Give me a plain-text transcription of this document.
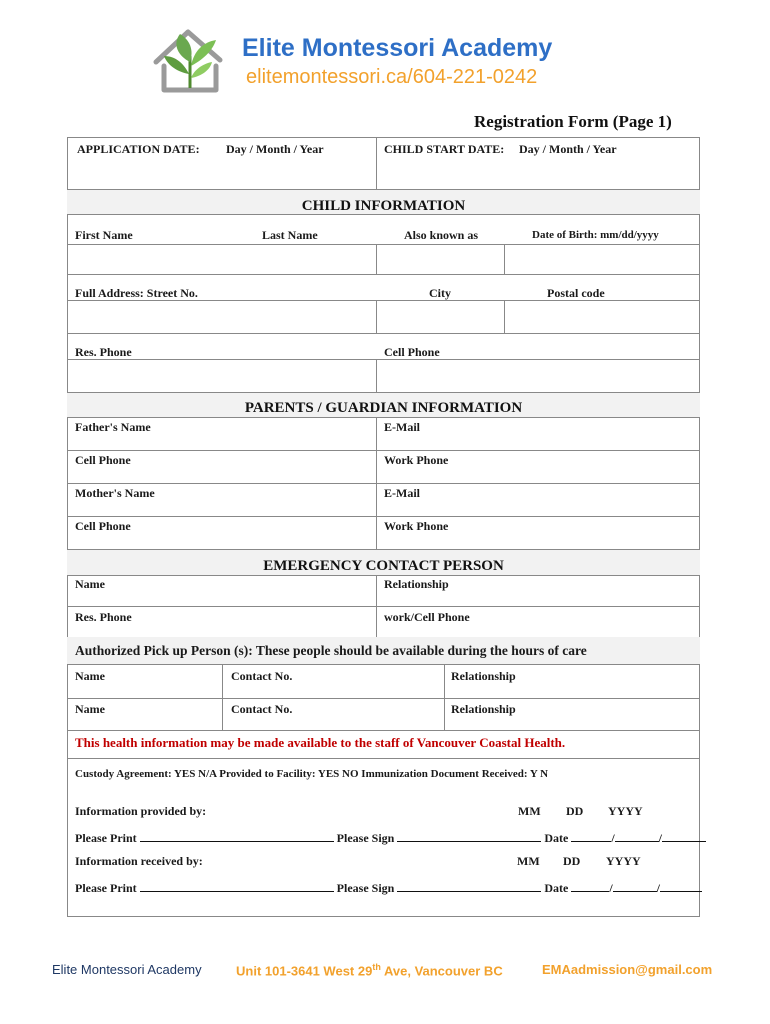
Elite Montessori Academy
elitemontessori.ca/604-221-0242
Registration Form (Page 1)
APPLICATION DATE: Day / Month / Year	CHILD START DATE: Day / Month / Year
CHILD INFORMATION
First Name	Last Name	Also known as	Date of Birth: mm/dd/yyyy
Full Address: Street No.	City	Postal code
Res. Phone	Cell Phone
PARENTS / GUARDIAN INFORMATION
Father's Name	E-Mail
Cell Phone	Work Phone
Mother's Name	E-Mail
Cell Phone	Work Phone
EMERGENCY CONTACT PERSON
Name	Relationship
Res. Phone	work/Cell Phone
Authorized Pick up Person (s): These people should be available during the hours of care
Name	Contact No.	Relationship
Name	Contact No.	Relationship
This health information may be made available to the staff of Vancouver Coastal Health.
Custody Agreement: YES N/A Provided to Facility: YES NO Immunization Document Received: Y N
Information provided by:	MM DD YYYY
Please Print	Please Sign	Date	/	/
Information received by:	MM DD YYYY
Please Print	Please Sign	Date	/	/
Elite Montessori Academy	Unit 101-3641 West 29th Ave, Vancouver BC	EMAadmission@gmail.com
